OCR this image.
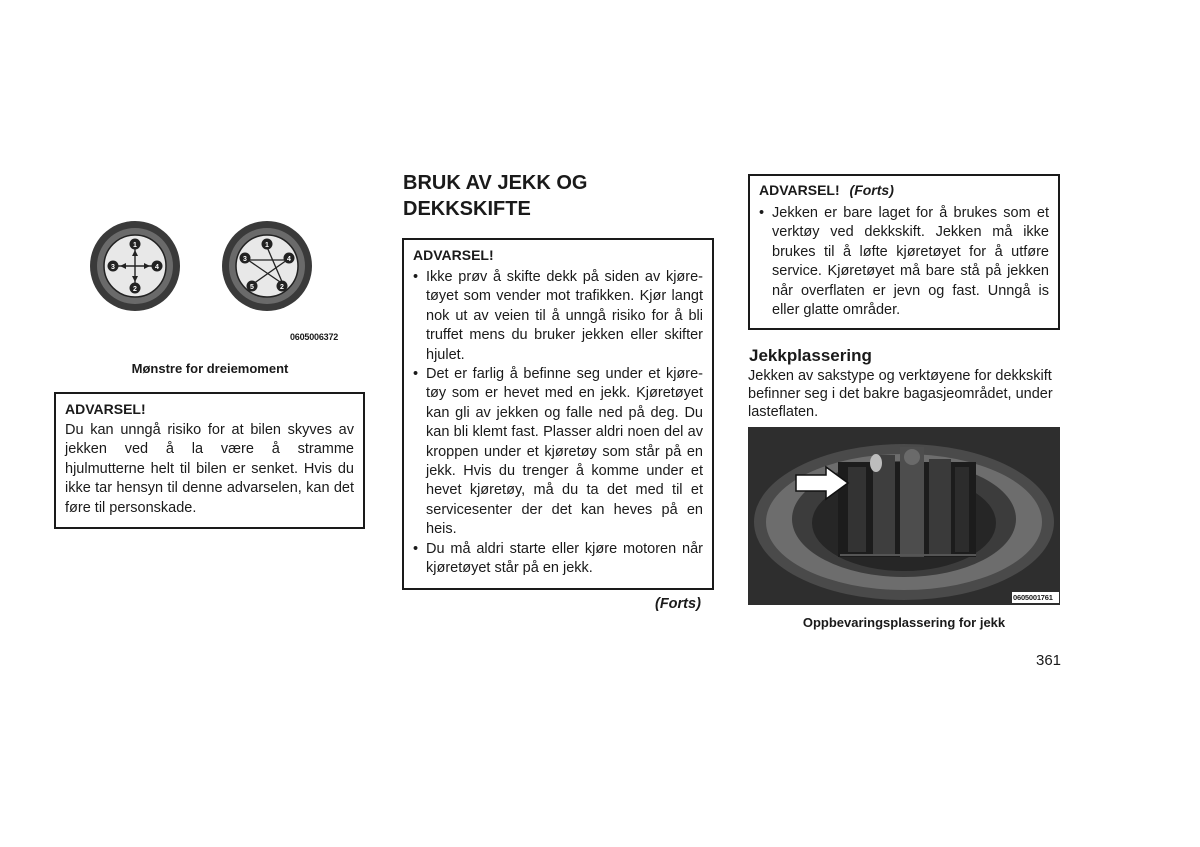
1
4
2
3
1
4
2
5
3
0605006372
Mønstre for dreiemoment
ADVARSEL!
Du kan unngå risiko for at bilen skyves av jekken ved å la være å stramme hjulmutterne helt til bilen er senket. Hvis du ikke tar hensyn til denne advarselen, kan det føre til personskade.
BRUK AV JEKK OG
DEKKSKIFTE
ADVARSEL!
• Ikke prøv å skifte dekk på siden av kjøre-tøyet som vender mot trafikken. Kjør langt nok ut av veien til å unngå risiko for å bli truffet mens du bruker jekken eller skifter hjulet.
• Det er farlig å befinne seg under et kjøre-tøy som er hevet med en jekk. Kjøretøyet kan gli av jekken og falle ned på deg. Du kan bli klemt fast. Plasser aldri noen del av kroppen under et kjøretøy som står på en jekk. Hvis du trenger å komme under et hevet kjøretøy, må du ta det med til et servicesenter der det kan heves på en heis.
• Du må aldri starte eller kjøre motoren når kjøretøyet står på en jekk.
(Forts)
ADVARSEL! (Forts)
• Jekken er bare laget for å brukes som et verktøy ved dekkskift. Jekken må ikke brukes til å løfte kjøretøyet for å utføre service. Kjøretøyet må bare stå på jekken når overflaten er jevn og fast. Unngå is eller glatte områder.
Jekkplassering
Jekken av sakstype og verktøyene for dekkskift befinner seg i det bakre bagasjeområdet, under lasteflaten.
0605001761
Oppbevaringsplassering for jekk
361
